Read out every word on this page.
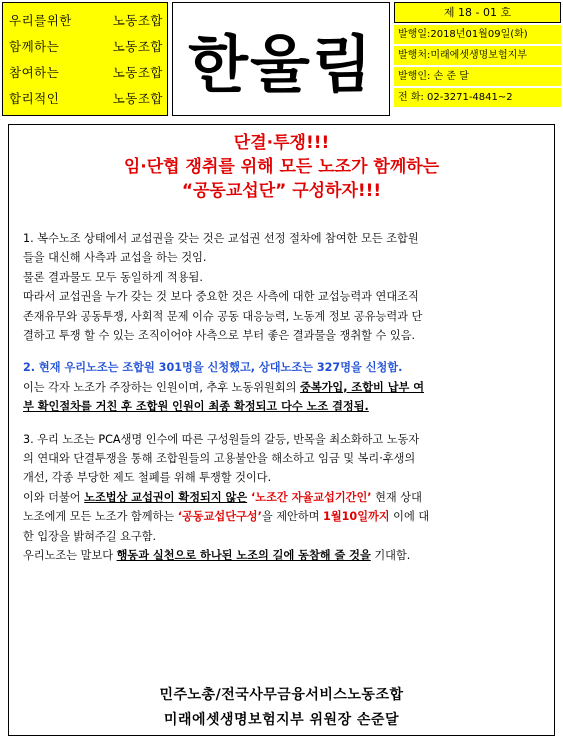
우리를위한	노동조합
함께하는	노동조합
참여하는	노동조합
합리적인	노동조합 한울림
제 18 - 01 호
발행일:2018년01월09일(화)
발행처:미래에셋생명보험지부
발행인: 손 준 달
전 화: 02-3271-4841~2
단결·투쟁!!!
임·단협 쟁취를 위해 모든 노조가 함께하는
“공동교섭단” 구성하자!!!
1. 복수노조 상태에서 교섭권을 갖는 것은 교섭권 선정 절차에 참여한 모든 조합원
들을 대신해 사측과 교섭을 하는 것임.
물론 결과물도 모두 동일하게 적용됨.
따라서 교섭권을 누가 갖는 것 보다 중요한 것은 사측에 대한 교섭능력과 연대조직
존재유무와 공동투쟁, 사회적 문제 이슈 공동 대응능력, 노동계 정보 공유능력과 단
결하고 투쟁 할 수 있는 조직이어야 사측으로 부터 좋은 결과물을 쟁취할 수 있음.
2. 현재 우리노조는 조합원 301명을 신청했고, 상대노조는 327명을 신청함.
이는 각자 노조가 주장하는 인원이며, 추후 노동위원회의 중복가입, 조합비 납부 여
부 확인절차를 거친 후 조합원 인원이 최종 확정되고 다수 노조 결정됨.
3. 우리 노조는 PCA생명 인수에 따른 구성원들의 갈등, 반목을 최소화하고 노동자
의 연대와 단결투쟁을 통해 조합원들의 고용불안을 해소하고 임금 및 복리·후생의
개선, 각종 부당한 제도 철폐를 위해 투쟁할 것이다.
이와 더불어 노조법상 교섭권이 확정되지 않은 ‘노조간 자율교섭기간인’ 현재 상대
노조에게 모든 노조가 함께하는 ‘공동교섭단구성’을 제안하며 1월10일까지 이에 대
한 입장을 밝혀주길 요구함.
우리노조는 말보다 행동과 실천으로 하나된 노조의 길에 동참해 줄 것을 기대함.
민주노총/전국사무금융서비스노동조합
미래에셋생명보험지부 위원장 손준달
